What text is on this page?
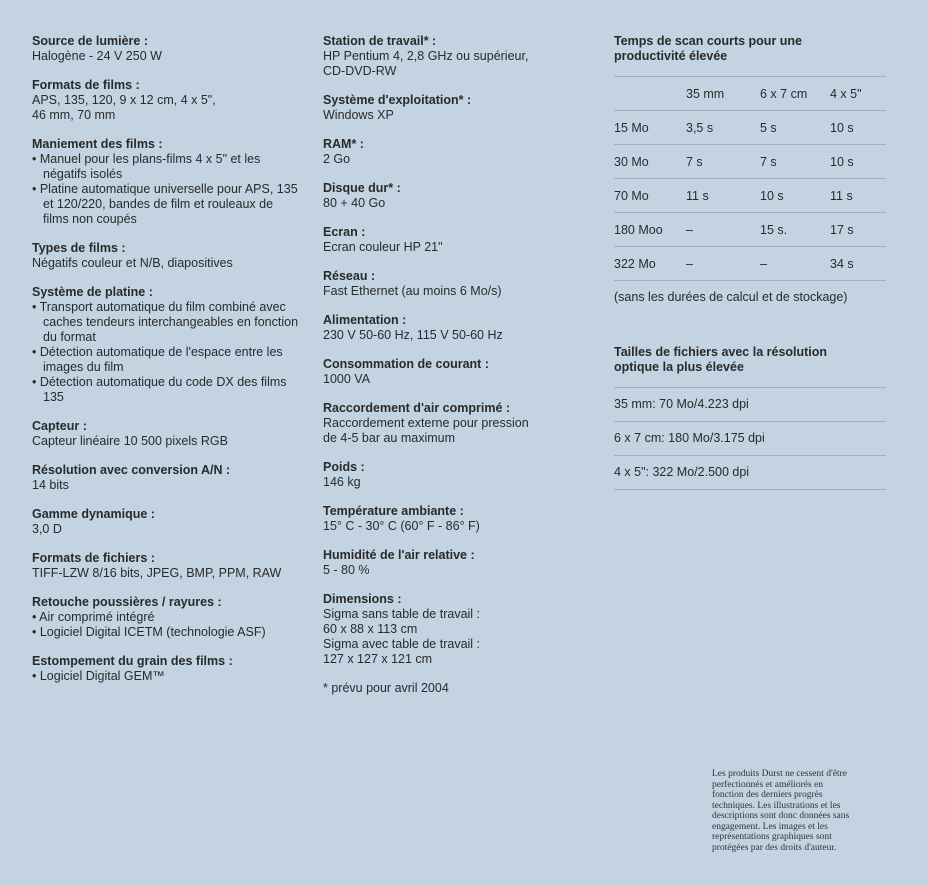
Source de lumière :
Halogène - 24 V 250 W
Formats de films :
APS, 135, 120, 9 x 12 cm, 4 x 5",
46 mm, 70 mm
Maniement des films :
• Manuel pour les plans-films 4 x 5" et les négatifs isolés
• Platine automatique universelle pour APS, 135 et 120/220, bandes de film et rouleaux de films non coupés
Types de films :
Négatifs couleur et N/B, diapositives
Système de platine :
• Transport automatique du film combiné avec caches tendeurs interchangeables en fonction du format
• Détection automatique de l'espace entre les images du film
• Détection automatique du code DX des films 135
Capteur :
Capteur linéaire 10 500 pixels RGB
Résolution avec conversion A/N :
14 bits
Gamme dynamique :
3,0 D
Formats de fichiers :
TIFF-LZW 8/16 bits, JPEG, BMP, PPM, RAW
Retouche poussières / rayures :
• Air comprimé intégré
• Logiciel Digital ICETM (technologie ASF)
Estompement du grain des films :
• Logiciel Digital GEM™
Station de travail* :
HP Pentium 4, 2,8 GHz ou supérieur,
CD-DVD-RW
Système d'exploitation* :
Windows XP
RAM* :
2 Go
Disque dur* :
80 + 40 Go
Ecran :
Ecran couleur HP 21"
Réseau :
Fast Ethernet (au moins 6 Mo/s)
Alimentation :
230 V 50-60 Hz, 115 V 50-60 Hz
Consommation de courant :
1000 VA
Raccordement d'air comprimé :
Raccordement externe pour pression
de 4-5 bar au maximum
Poids :
146 kg
Température ambiante :
15° C - 30° C (60° F - 86° F)
Humidité de l'air relative :
5 - 80 %
Dimensions :
Sigma sans table de travail :
60 x 88 x 113 cm
Sigma avec table de travail :
127 x 127 x 121 cm
* prévu pour avril 2004
Temps de scan courts pour une
productivité élevée
	35 mm	6 x 7 cm	4 x 5"
15 Mo	3,5 s	5 s	10 s
30 Mo	7 s	7 s	10 s
70 Mo	11 s	10 s	11 s
180 Moo	–	15 s.	17 s
322 Mo	–	–	34 s
(sans les durées de calcul et de stockage)
Tailles de fichiers avec la résolution
optique la plus élevée
35 mm: 70 Mo/4.223 dpi
6 x 7 cm: 180 Mo/3.175 dpi
4 x 5": 322 Mo/2.500 dpi
Les produits Durst ne cessent d'être
perfectionnés et améliorés en
fonction des derniers progrès
techniques. Les illustrations et les
descriptions sont donc données sans
engagement. Les images et les
représentations graphiques sont
protégées par des droits d'auteur.
